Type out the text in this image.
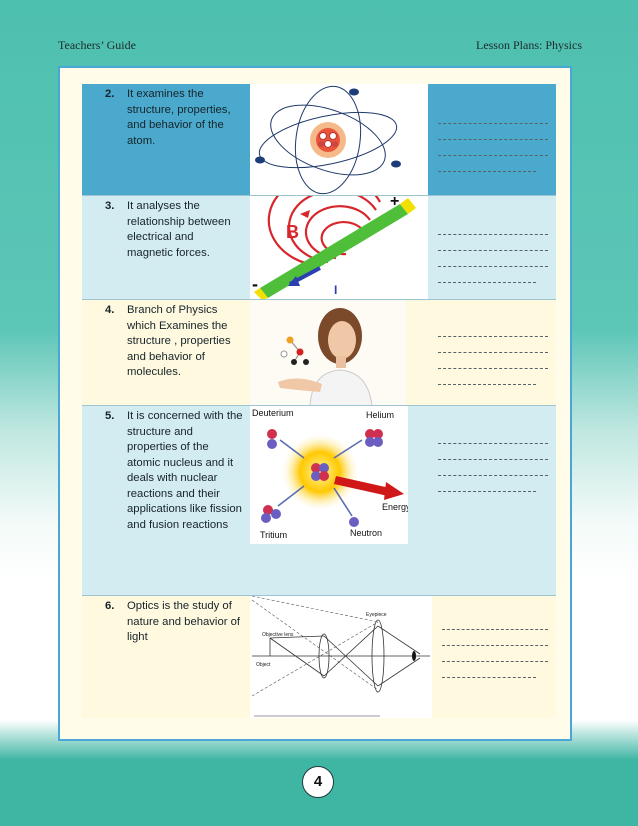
Teachers’ Guide	Lesson Plans: Physics
2.	It examines the structure, properties, and behavior of the atom.
3.	It analyses the relationship between electrical and magnetic forces.
B
I
+
-
4.	Branch of Physics which Examines the structure , properties and behavior of molecules.
5.	It is concerned with the structure and properties of the atomic nucleus and it deals with nuclear reactions and their applications like fission and fusion reactions
Deuterium	Helium
Energy
Tritium	Neutron
6.	Optics is the study of nature and behavior of light	Objective lens
Eyepiece
Object
4
